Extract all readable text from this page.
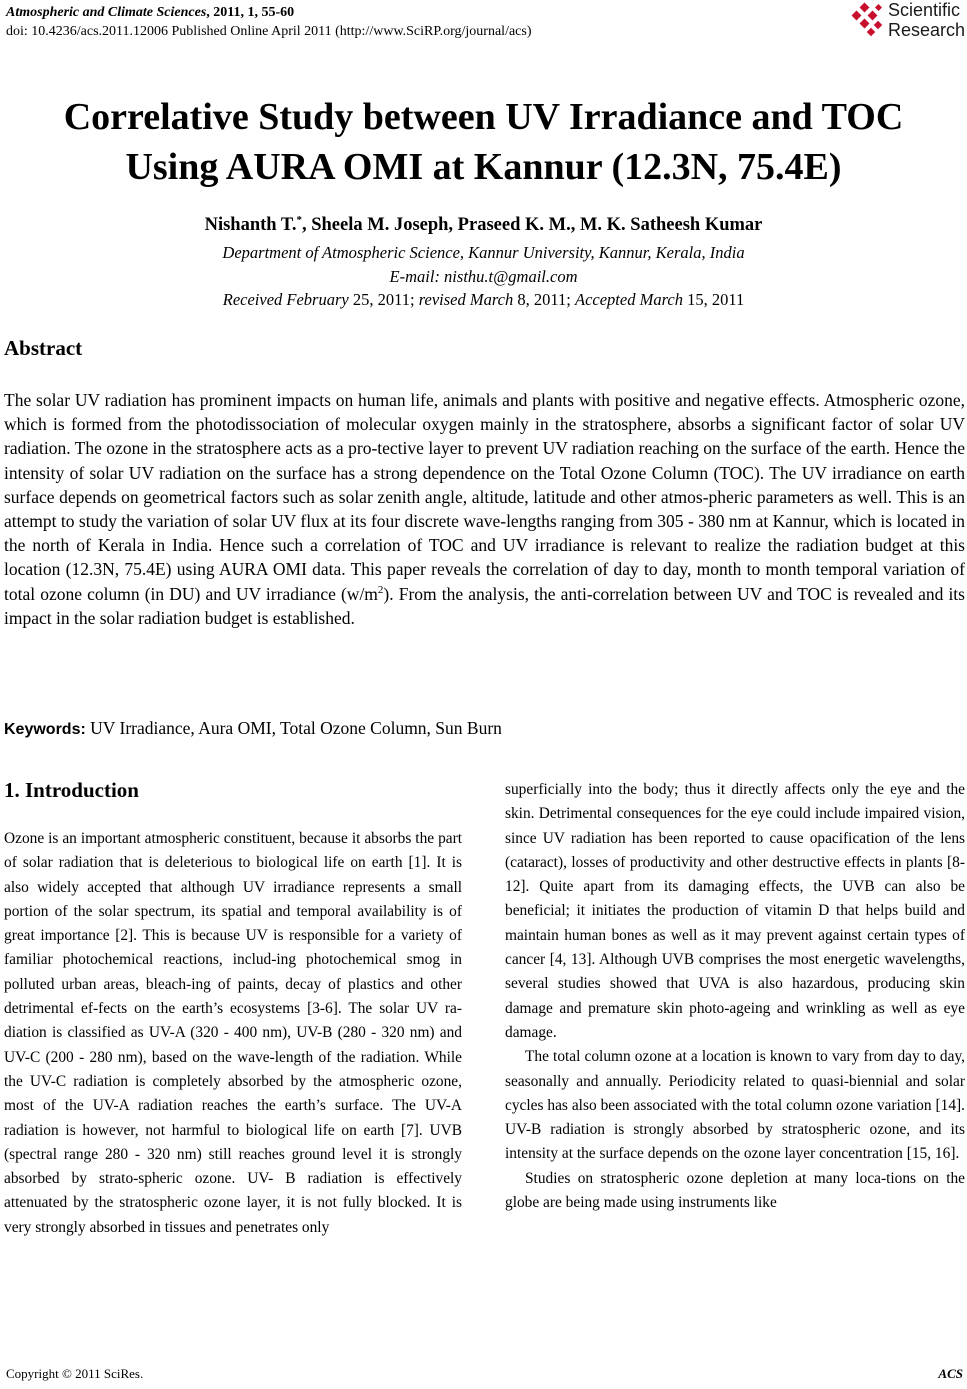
Atmospheric and Climate Sciences, 2011, 1, 55-60
doi: 10.4236/acs.2011.12006 Published Online April 2011 (http://www.SciRP.org/journal/acs)
Scientific
Research
Correlative Study between UV Irradiance and TOC
Using AURA OMI at Kannur (12.3N, 75.4E)
Nishanth T.*, Sheela M. Joseph, Praseed K. M., M. K. Satheesh Kumar
Department of Atmospheric Science, Kannur University, Kannur, Kerala, India
E-mail: nisthu.t@gmail.com
Received February 25, 2011; revised March 8, 2011; Accepted March 15, 2011
Abstract
The solar UV radiation has prominent impacts on human life, animals and plants with positive and negative effects. Atmospheric ozone, which is formed from the photodissociation of molecular oxygen mainly in the stratosphere, absorbs a significant factor of solar UV radiation. The ozone in the stratosphere acts as a pro-tective layer to prevent UV radiation reaching on the surface of the earth. Hence the intensity of solar UV radiation on the surface has a strong dependence on the Total Ozone Column (TOC). The UV irradiance on earth surface depends on geometrical factors such as solar zenith angle, altitude, latitude and other atmos-pheric parameters as well. This is an attempt to study the variation of solar UV flux at its four discrete wave-lengths ranging from 305 - 380 nm at Kannur, which is located in the north of Kerala in India. Hence such a correlation of TOC and UV irradiance is relevant to realize the radiation budget at this location (12.3N, 75.4E) using AURA OMI data. This paper reveals the correlation of day to day, month to month temporal variation of total ozone column (in DU) and UV irradiance $(w/m^2)$. From the analysis, the anti-correlation between UV and TOC is revealed and its impact in the solar radiation budget is established.
Keywords: UV Irradiance, Aura OMI, Total Ozone Column, Sun Burn
1. Introduction
Ozone is an important atmospheric constituent, because it absorbs the part of solar radiation that is deleterious to biological life on earth [1]. It is also widely accepted that although UV irradiance represents a small portion of the solar spectrum, its spatial and temporal availability is of great importance [2]. This is because UV is responsible for a variety of familiar photochemical reactions, includ-ing photochemical smog in polluted urban areas, bleach-ing of paints, decay of plastics and other detrimental ef-fects on the earth’s ecosystems [3-6]. The solar UV ra-diation is classified as UV-A (320 - 400 nm), UV-B (280 - 320 nm) and UV-C (200 - 280 nm), based on the wave-length of the radiation. While the UV-C radiation is completely absorbed by the atmospheric ozone, most of the UV-A radiation reaches the earth’s surface. The UV-A radiation is however, not harmful to biological life on earth [7]. UVB (spectral range 280 - 320 nm) still reaches ground level it is strongly absorbed by strato-spheric ozone. UV- B radiation is effectively attenuated by the stratospheric ozone layer, it is not fully blocked. It is very strongly absorbed in tissues and penetrates only

superficially into the body; thus it directly affects only the eye and the skin. Detrimental consequences for the eye could include impaired vision, since UV radiation has been reported to cause opacification of the lens (cataract), losses of productivity and other destructive effects in plants [8-12]. Quite apart from its damaging effects, the UVB can also be beneficial; it initiates the production of vitamin D that helps build and maintain human bones as well as it may prevent against certain types of cancer [4, 13]. Although UVB comprises the most energetic wavelengths, several studies showed that UVA is also hazardous, producing skin damage and premature skin photo-ageing and wrinkling as well as eye damage.

The total column ozone at a location is known to vary from day to day, seasonally and annually. Periodicity related to quasi-biennial and solar cycles has also been associated with the total column ozone variation [14]. UV-B radiation is strongly absorbed by stratospheric ozone, and its intensity at the surface depends on the ozone layer concentration [15, 16].

Studies on stratospheric ozone depletion at many loca-tions on the globe are being made using instruments like

Copyright © 2011 SciRes.	ACS
